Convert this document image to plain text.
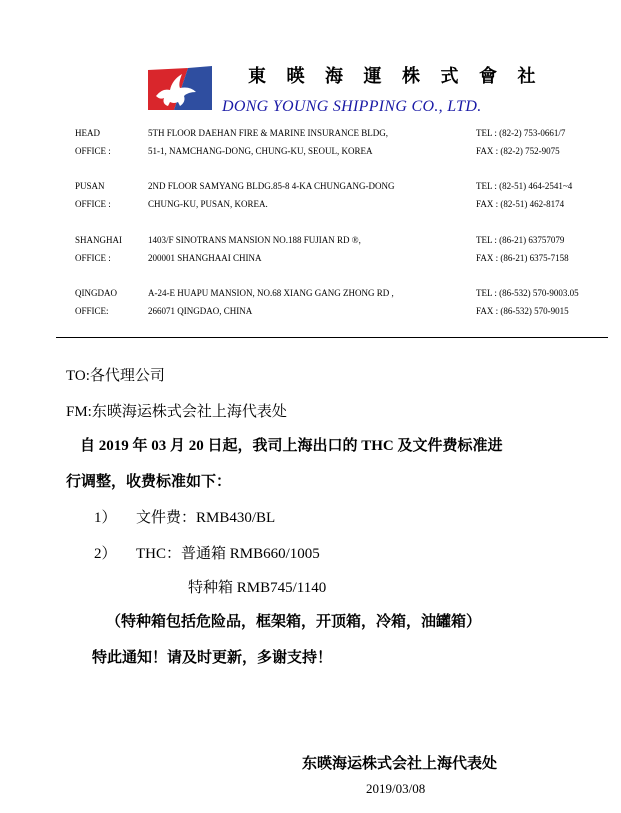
東 暎 海 運 株 式 會 社
DONG YOUNG SHIPPING CO., LTD.
HEAD
OFFICE :
5TH FLOOR DAEHAN FIRE & MARINE INSURANCE BLDG,
51-1, NAMCHANG-DONG, CHUNG-KU, SEOUL, KOREA
TEL : (82-2) 753-0661/7
FAX : (82-2) 752-9075
PUSAN
OFFICE :
2ND FLOOR SAMYANG BLDG.85-8 4-KA CHUNGANG-DONG
CHUNG-KU, PUSAN, KOREA.
TEL : (82-51) 464-2541~4
FAX : (82-51) 462-8174
SHANGHAI
OFFICE :
1403/F SINOTRANS MANSION NO.188 FUJIAN RD ®,
200001 SHANGHAAI CHINA
TEL : (86-21) 63757079
FAX : (86-21) 6375-7158
QINGDAO
OFFICE:
A-24-E HUAPU MANSION, NO.68 XIANG GANG ZHONG RD ,
266071 QINGDAO, CHINA
TEL : (86-532) 570-9003.05
FAX : (86-532) 570-9015
TO:各代理公司
FM:东暎海运株式会社上海代表处
自 2019 年 03 月 20 日起，我司上海出口的 THC 及文件费标准进
行调整，收费标准如下：
1） 文件费：RMB430/BL
2） THC：普通箱 RMB660/1005
特种箱 RMB745/1140
（特种箱包括危险品，框架箱，开顶箱，冷箱，油罐箱）
特此通知！请及时更新，多谢支持！
东暎海运株式会社上海代表处
2019/03/08
